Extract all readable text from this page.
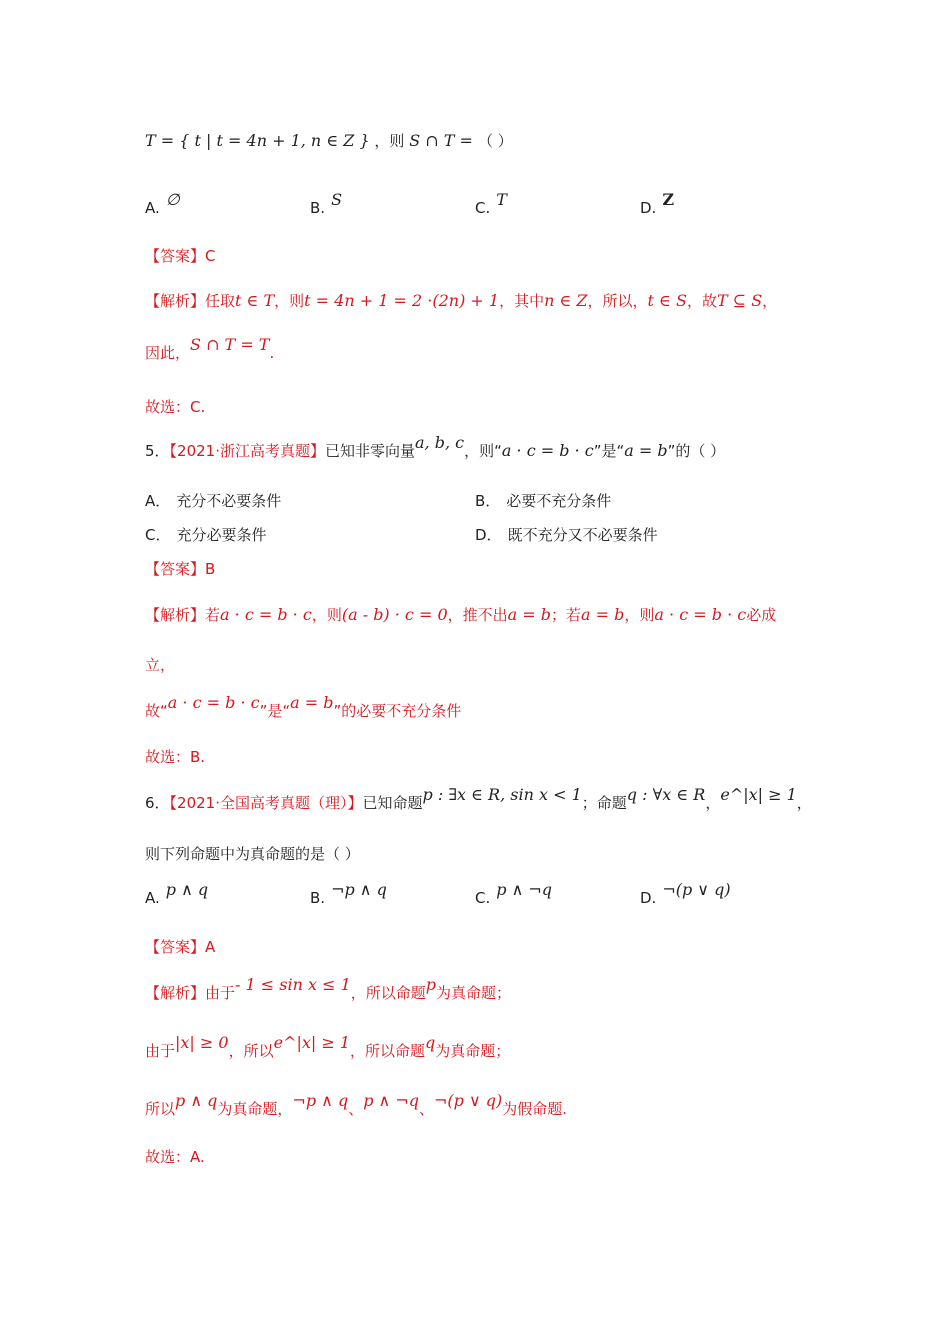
T = { t | t = 4n + 1, n ∈ Z } ，则 S ∩ T = （ ）
A. ∅	B. S	C. T	D. Z
【答案】C
【解析】任取t ∈ T，则t = 4n + 1 = 2 ·(2n) + 1，其中n ∈ Z，所以，t ∈ S，故T ⊆ S，
因此，S ∩ T = T.
故选：C.
5．【2021·浙江高考真题】已知非零向量a, b, c，则“a · c = b · c”是“a = b”的（ ）
A． 充分不必要条件	B． 必要不充分条件
C． 充分必要条件	D． 既不充分又不必要条件
【答案】B
【解析】若a · c = b · c，则(a - b) · c = 0，推不出a = b；若a = b，则a · c = b · c必成
立，
故“a · c = b · c”是“a = b”的必要不充分条件
故选：B.
6．【2021·全国高考真题（理）】已知命题p : ∃x ∈ R, sin x < 1；命题q : ∀x ∈ R，e^|x| ≥ 1，
则下列命题中为真命题的是（ ）
A. p ∧ q	B. ¬p ∧ q	C. p ∧ ¬q	D. ¬(p ∨ q)
【答案】A
【解析】由于- 1 ≤ sin x ≤ 1，所以命题p为真命题；
由于|x| ≥ 0，所以e^|x| ≥ 1，所以命题q为真命题；
所以p ∧ q为真命题，¬p ∧ q、p ∧ ¬q、¬(p ∨ q)为假命题.
故选：A.
